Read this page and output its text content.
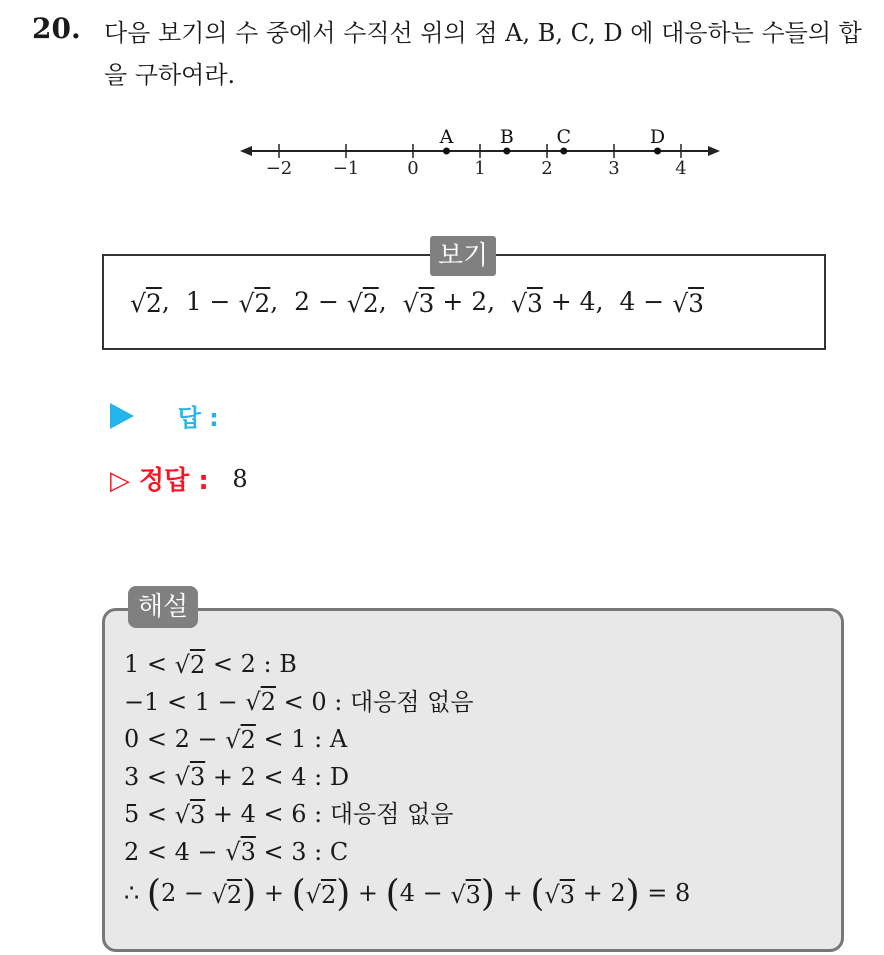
20. 다음 보기의 수 중에서 수직선 위의 점 A, B, C, D 에 대응하는 수들의 합을 구하여라.
−2 −1	0	1	2	3	4
A B C	D
√2,  1 − √2,  2 − √2,  √3 + 2,  √3 + 4,  4 − √3
보기
답 :
▷ 정답 : 8
해설
1 < √2 < 2 : B
−1 < 1 − √2 < 0 : 대응점 없음
0 < 2 − √2 < 1 : A
3 < √3 + 2 < 4 : D
5 < √3 + 4 < 6 : 대응점 없음
2 < 4 − √3 < 3 : C
∴ (2 − √2) + (√2) + (4 − √3) + (√3 + 2) = 8
